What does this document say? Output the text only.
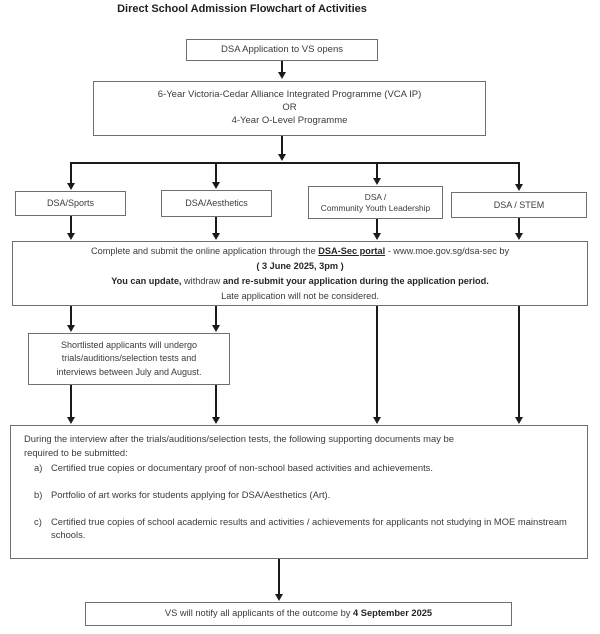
Direct School Admission Flowchart of Activities
DSA Application to VS opens
6-Year Victoria-Cedar Alliance Integrated Programme (VCA IP)
OR
4-Year O-Level Programme
DSA/Sports	DSA/Aesthetics
DSA /
Community Youth Leadership	DSA / STEM
Complete and submit the online application through the DSA-Sec portal - www.moe.gov.sg/dsa-sec by
( 3 June 2025, 3pm )
You can update, withdraw and re-submit your application during the application period.
Late application will not be considered.
Shortlisted applicants will undergo
trials/auditions/selection tests and
interviews between July and August.
During the interview after the trials/auditions/selection tests, the following supporting documents may be
required to be submitted:
a) Certified true copies or documentary proof of non-school based activities and achievements.
b) Portfolio of art works for students applying for DSA/Aesthetics (Art).
c) Certified true copies of school academic results and activities / achievements for applicants not studying in MOE mainstream schools.
VS will notify all applicants of the outcome by 4 September 2025
